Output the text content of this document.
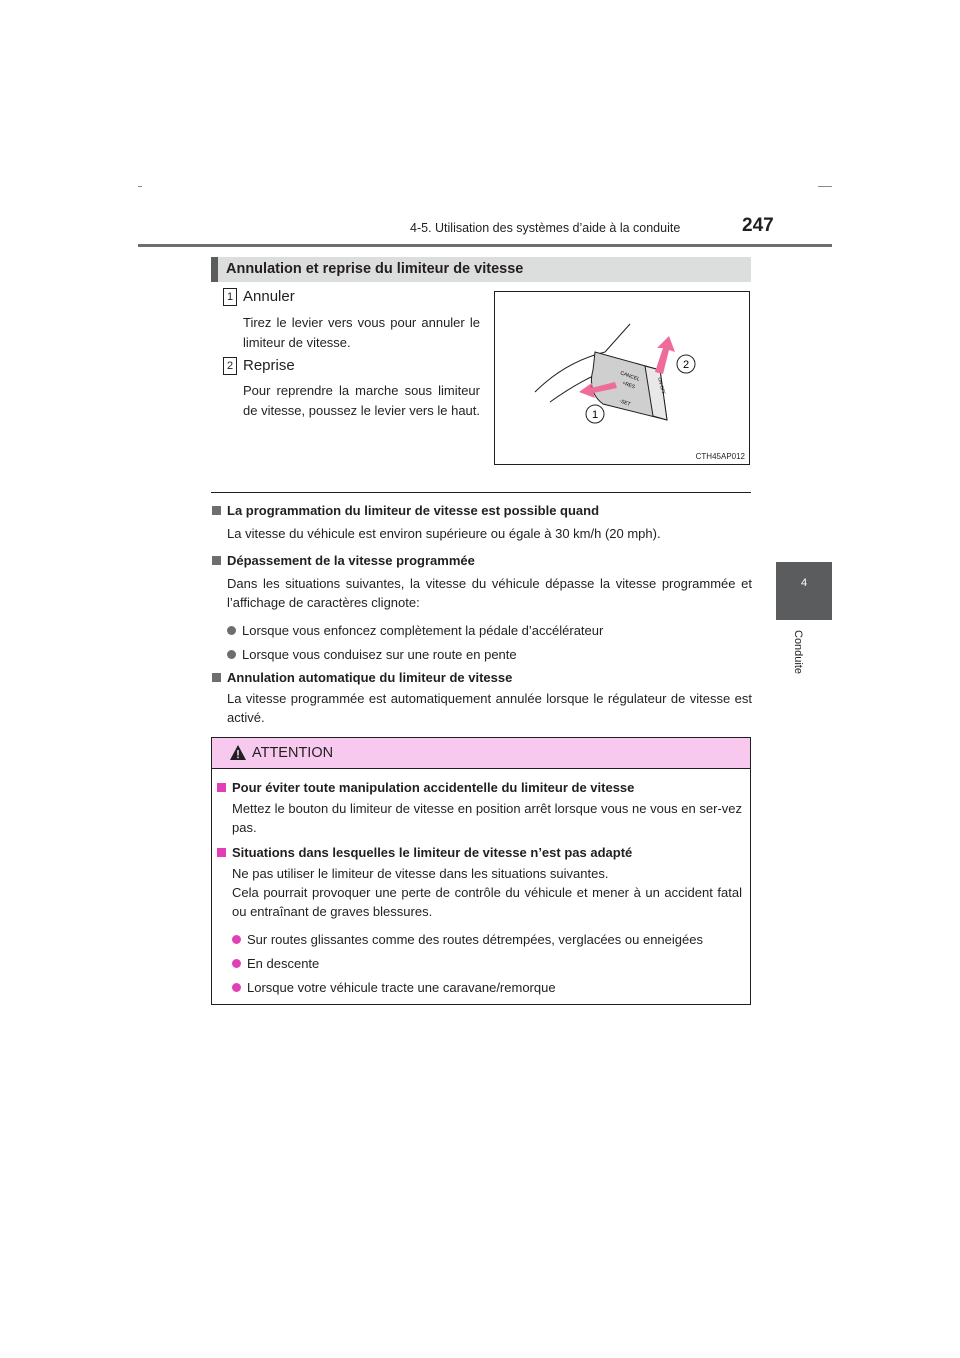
4-5. Utilisation des systèmes d’aide à la conduite	247
4
Conduite
Annulation et reprise du limiteur de vitesse
1 Annuler
Tirez le levier vers vous pour annuler le limiteur de vitesse.
2 Reprise
Pour reprendre la marche sous limiteur de vitesse, poussez le levier vers le haut.
CANCEL
+RES
-SET
ON-OFF
2
1
CTH45AP012
La programmation du limiteur de vitesse est possible quand
La vitesse du véhicule est environ supérieure ou égale à 30 km/h (20 mph).
Dépassement de la vitesse programmée
Dans les situations suivantes, la vitesse du véhicule dépasse la vitesse programmée et l’affichage de caractères clignote:
Lorsque vous enfoncez complètement la pédale d’accélérateur
Lorsque vous conduisez sur une route en pente
Annulation automatique du limiteur de vitesse
La vitesse programmée est automatiquement annulée lorsque le régulateur de vitesse est activé.
ATTENTION
Pour éviter toute manipulation accidentelle du limiteur de vitesse
Mettez le bouton du limiteur de vitesse en position arrêt lorsque vous ne vous en ser-vez pas.
Situations dans lesquelles le limiteur de vitesse n’est pas adapté
Ne pas utiliser le limiteur de vitesse dans les situations suivantes.
Cela pourrait provoquer une perte de contrôle du véhicule et mener à un accident fatal ou entraînant de graves blessures.
Sur routes glissantes comme des routes détrempées, verglacées ou enneigées
En descente
Lorsque votre véhicule tracte une caravane/remorque
